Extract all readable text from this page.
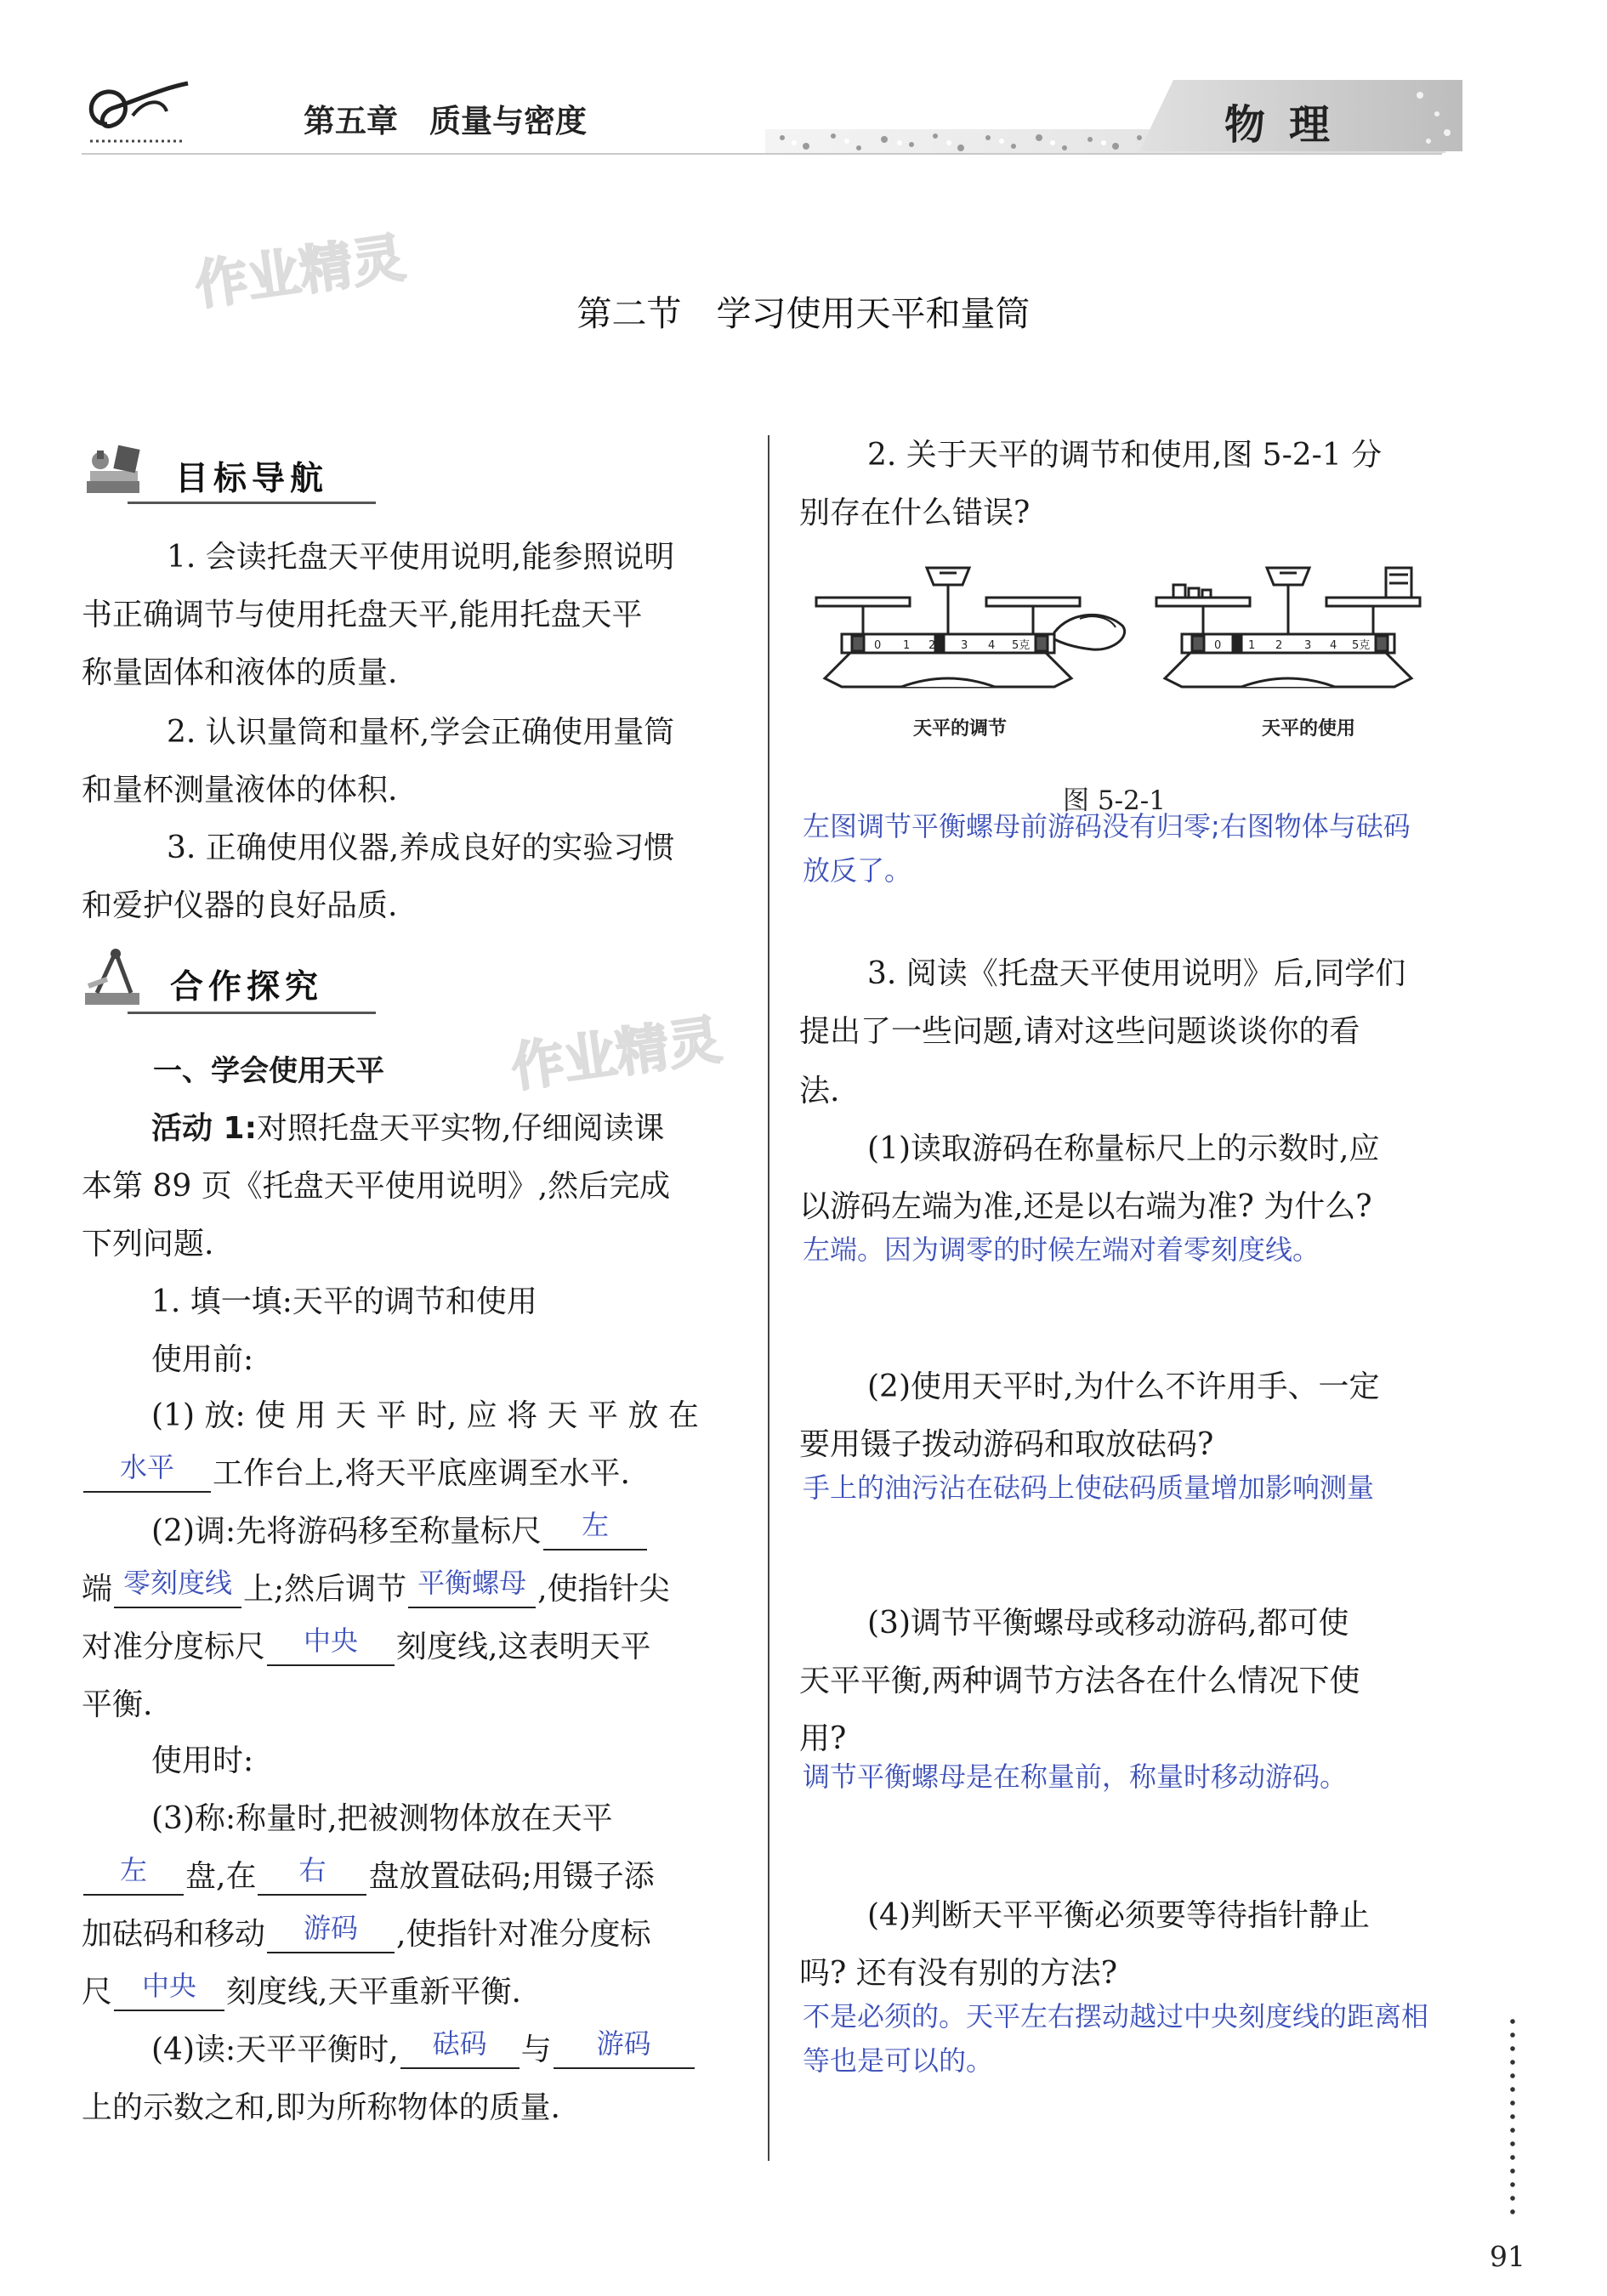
第五章　质量与密度	物理
作业精灵
作业精灵
第二节　学习使用天平和量筒
目标导航
1. 会读托盘天平使用说明,能参照说明
书正确调节与使用托盘天平,能用托盘天平
称量固体和液体的质量.
2. 认识量筒和量杯,学会正确使用量筒
和量杯测量液体的体积.
3. 正确使用仪器,养成良好的实验习惯
和爱护仪器的良好品质.
合作探究
一、学会使用天平
活动 1:对照托盘天平实物,仔细阅读课
本第 89 页《托盘天平使用说明》,然后完成
下列问题.
1. 填一填:天平的调节和使用
使用前:
(1) 放: 使 用 天 平 时, 应 将 天 平 放 在
水平	工作台上,将天平底座调至水平.
(2)调:先将游码移至称量标尺	左
端 零刻度线 上;然后调节 平衡螺母 ,使指针尖
对准分度标尺	中央	刻度线,这表明天平
平衡.
使用时:
(3)称:称量时,把被测物体放在天平
左	盘,在	右	盘放置砝码;用镊子添
加砝码和移动	游码	,使指针对准分度标
尺	中央 刻度线,天平重新平衡.
(4)读:天平平衡时,	砝码	与	游码
上的示数之和,即为所称物体的质量.
2. 关于天平的调节和使用,图 5-2-1 分
别存在什么错误?
0 1 2 3 4 5克	0 1 2 3 4 5克
天平的调节	天平的使用
图 5-2-1
左图调节平衡螺母前游码没有归零;右图物体与砝码
放反了。
3. 阅读《托盘天平使用说明》后,同学们
提出了一些问题,请对这些问题谈谈你的看
法.
(1)读取游码在称量标尺上的示数时,应
以游码左端为准,还是以右端为准? 为什么?
左端。因为调零的时候左端对着零刻度线。
(2)使用天平时,为什么不许用手、一定
要用镊子拨动游码和取放砝码?
手上的油污沾在砝码上使砝码质量增加影响测量
(3)调节平衡螺母或移动游码,都可使
天平平衡,两种调节方法各在什么情况下使
用?
调节平衡螺母是在称量前，称量时移动游码。
(4)判断天平平衡必须要等待指针静止
吗? 还有没有别的方法?
不是必须的。天平左右摆动越过中央刻度线的距离相
等也是可以的。
91
